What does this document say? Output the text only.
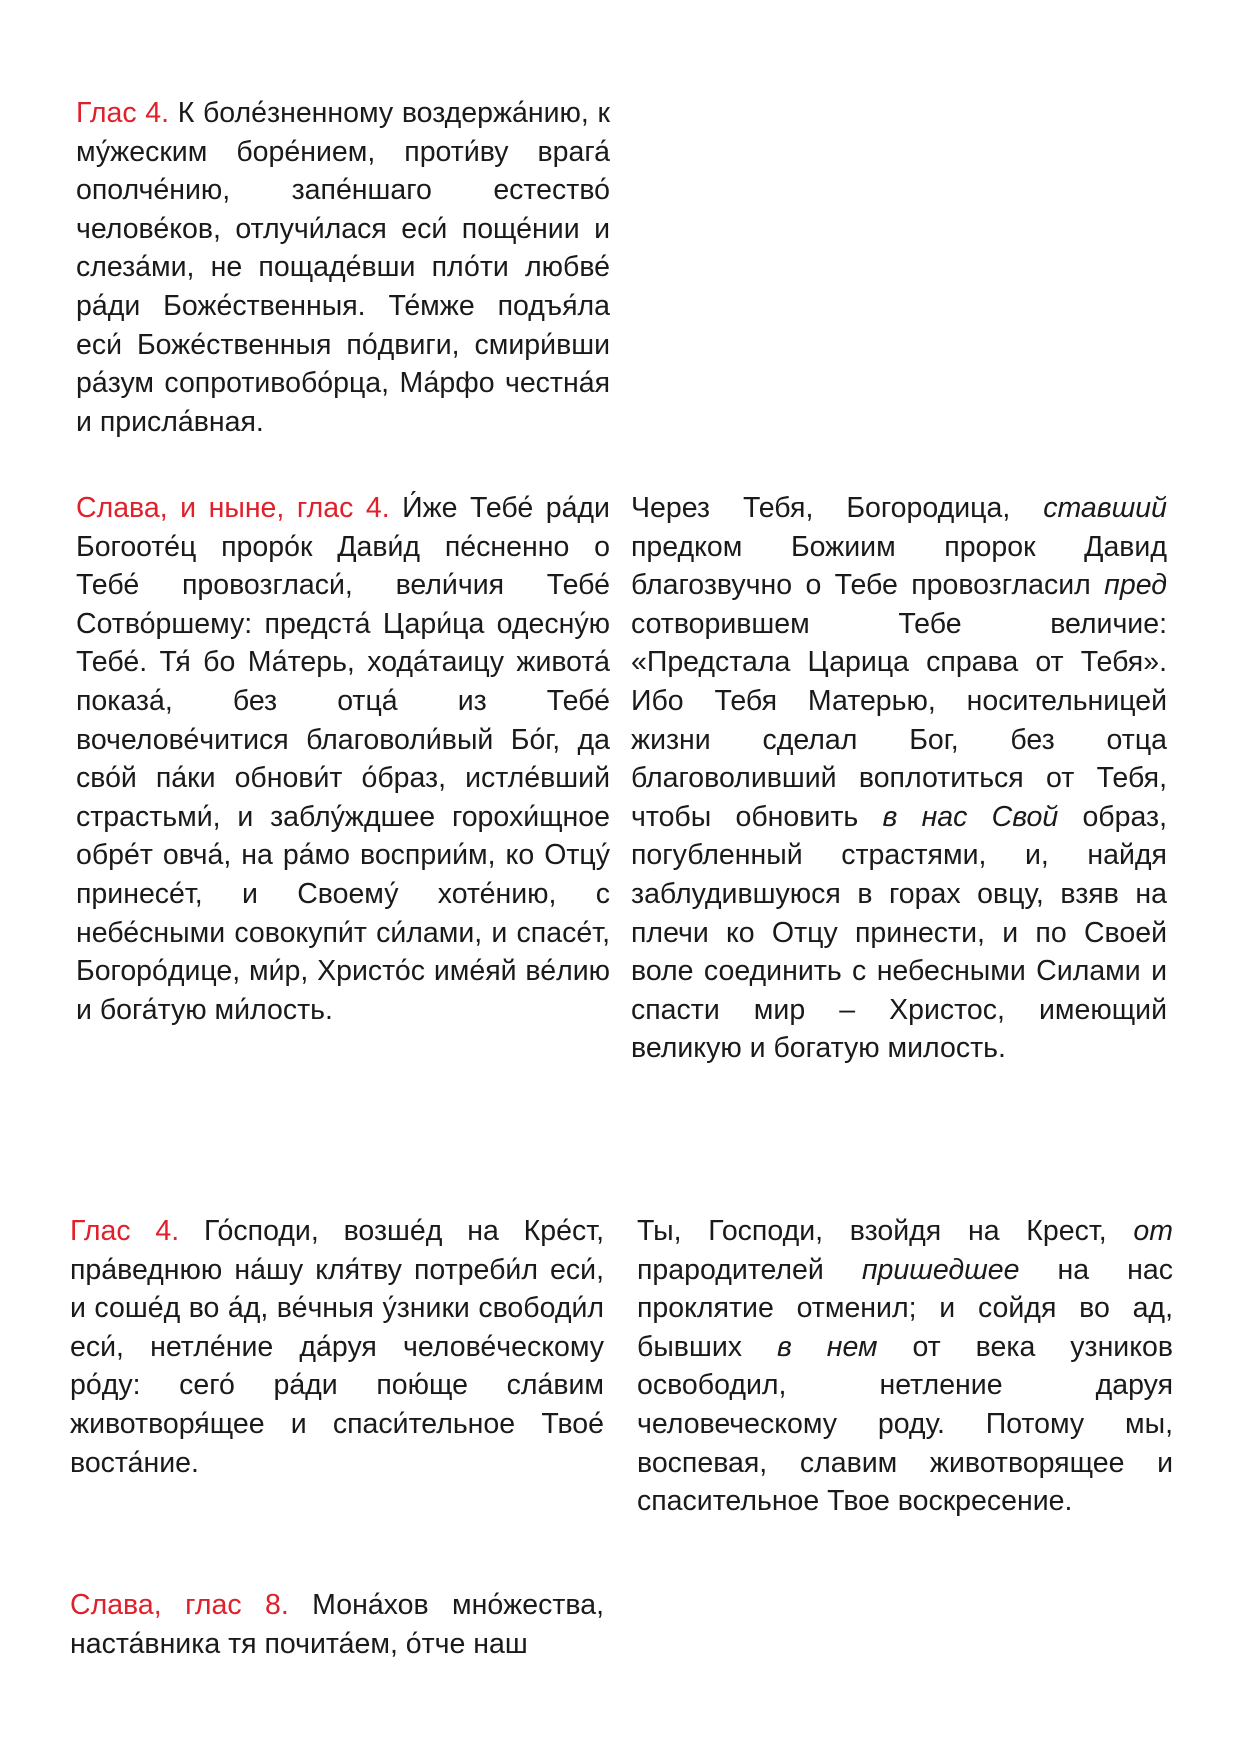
Глас 4. К боле́зненному воздержа́нию, к му́жеским боре́нием, проти́ву врага́ ополче́нию, запе́ншаго естество́ челове́ков, отлучи́лася еси́ поще́нии и слеза́ми, не пощаде́вши пло́ти любве́ ра́ди Боже́ственныя. Те́мже подъя́ла еси́ Боже́ственныя по́двиги, смири́вши ра́зум сопротивобо́рца, Ма́рфо честна́я и присла́вная.
Слава, и ныне, глас 4. И́же Тебе́ ра́ди Богооте́ц проро́к Дави́д пе́сненно о Тебе́ провозгласи́, вели́чия Тебе́ Сотво́ршему: предста́ Цари́ца одесну́ю Тебе́. Тя́ бо Ма́терь, хода́таицу живота́ показа́, без отца́ из Тебе́ вочелове́читися благоволи́вый Бо́г, да сво́й па́ки обнови́т о́браз, истле́вший страстьми́, и заблу́ждшее горохи́щное обре́т овча́, на ра́мо восприи́м, ко Отцу́ принесе́т, и Своему́ хоте́нию, с небе́сными совокупи́т си́лами, и спасе́т, Богоро́дице, ми́р, Христо́с име́яй ве́лию и бога́тую ми́лость.
Через Тебя, Богородица, ставший предком Божиим пророк Давид благозвучно о Тебе провозгласил пред сотворившем Тебе величие: «Предстала Царица справа от Тебя». Ибо Тебя Матерью, носительницей жизни сделал Бог, без отца благоволивший воплотиться от Тебя, чтобы обновить в нас Свой образ, погубленный страстями, и, найдя заблудившуюся в горах овцу, взяв на плечи ко Отцу принести, и по Своей воле соединить с небесными Силами и спасти мир – Христос, имеющий великую и богатую милость.
Глас 4. Го́споди, возше́д на Кре́ст, пра́веднюю на́шу кля́тву потреби́л еси́, и соше́д во а́д, ве́чныя у́зники свободи́л еси́, нетле́ние да́руя челове́ческому ро́ду: сего́ ра́ди пою́ще сла́вим животворя́щее и спаси́тельное Твое́ воста́ние.
Ты, Господи, взойдя на Крест, от прародителей пришедшее на нас проклятие отменил; и сойдя во ад, бывших в нем от века узников освободил, нетление даруя человеческому роду. Потому мы, воспевая, славим животворящее и спасительное Твое воскресение.
Слава, глас 8. Мона́хов мно́жества, наста́вника тя почита́ем, о́тче наш
